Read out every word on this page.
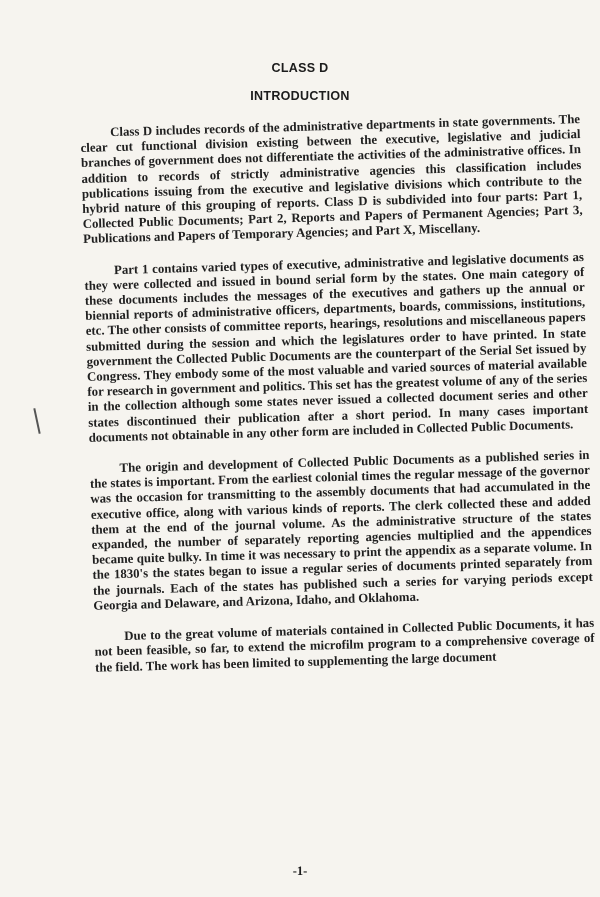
CLASS D
INTRODUCTION

Class D includes records of the administrative departments in state governments. The clear cut functional division existing between the executive, legislative and judicial branches of government does not differentiate the activities of the administrative offices. In addition to records of strictly administrative agencies this classification includes publications issuing from the executive and legislative divisions which contribute to the hybrid nature of this grouping of reports. Class D is subdivided into four parts: Part 1, Collected Public Documents; Part 2, Reports and Papers of Permanent Agencies; Part 3, Publications and Papers of Temporary Agencies; and Part X, Miscellany.

Part 1 contains varied types of executive, administrative and legislative documents as they were collected and issued in bound serial form by the states. One main category of these documents includes the messages of the executives and gathers up the annual or biennial reports of administrative officers, departments, boards, commissions, institutions, etc. The other consists of committee reports, hearings, resolutions and miscellaneous papers submitted during the session and which the legislatures order to have printed. In state government the Collected Public Documents are the counterpart of the Serial Set issued by Congress. They embody some of the most valuable and varied sources of material available for research in government and politics. This set has the greatest volume of any of the series in the collection although some states never issued a collected document series and other states discontinued their publication after a short period. In many cases important documents not obtainable in any other form are included in Collected Public Documents.

The origin and development of Collected Public Documents as a published series in the states is important. From the earliest colonial times the regular message of the governor was the occasion for transmitting to the assembly documents that had accumulated in the executive office, along with various kinds of reports. The clerk collected these and added them at the end of the journal volume. As the administrative structure of the states expanded, the number of separately reporting agencies multiplied and the appendices became quite bulky. In time it was necessary to print the appendix as a separate volume. In the 1830's the states began to issue a regular series of documents printed separately from the journals. Each of the states has published such a series for varying periods except Georgia and Delaware, and Arizona, Idaho, and Oklahoma.

Due to the great volume of materials contained in Collected Public Documents, it has not been feasible, so far, to extend the microfilm program to a comprehensive coverage of the field. The work has been limited to supplementing the large document

-1-
